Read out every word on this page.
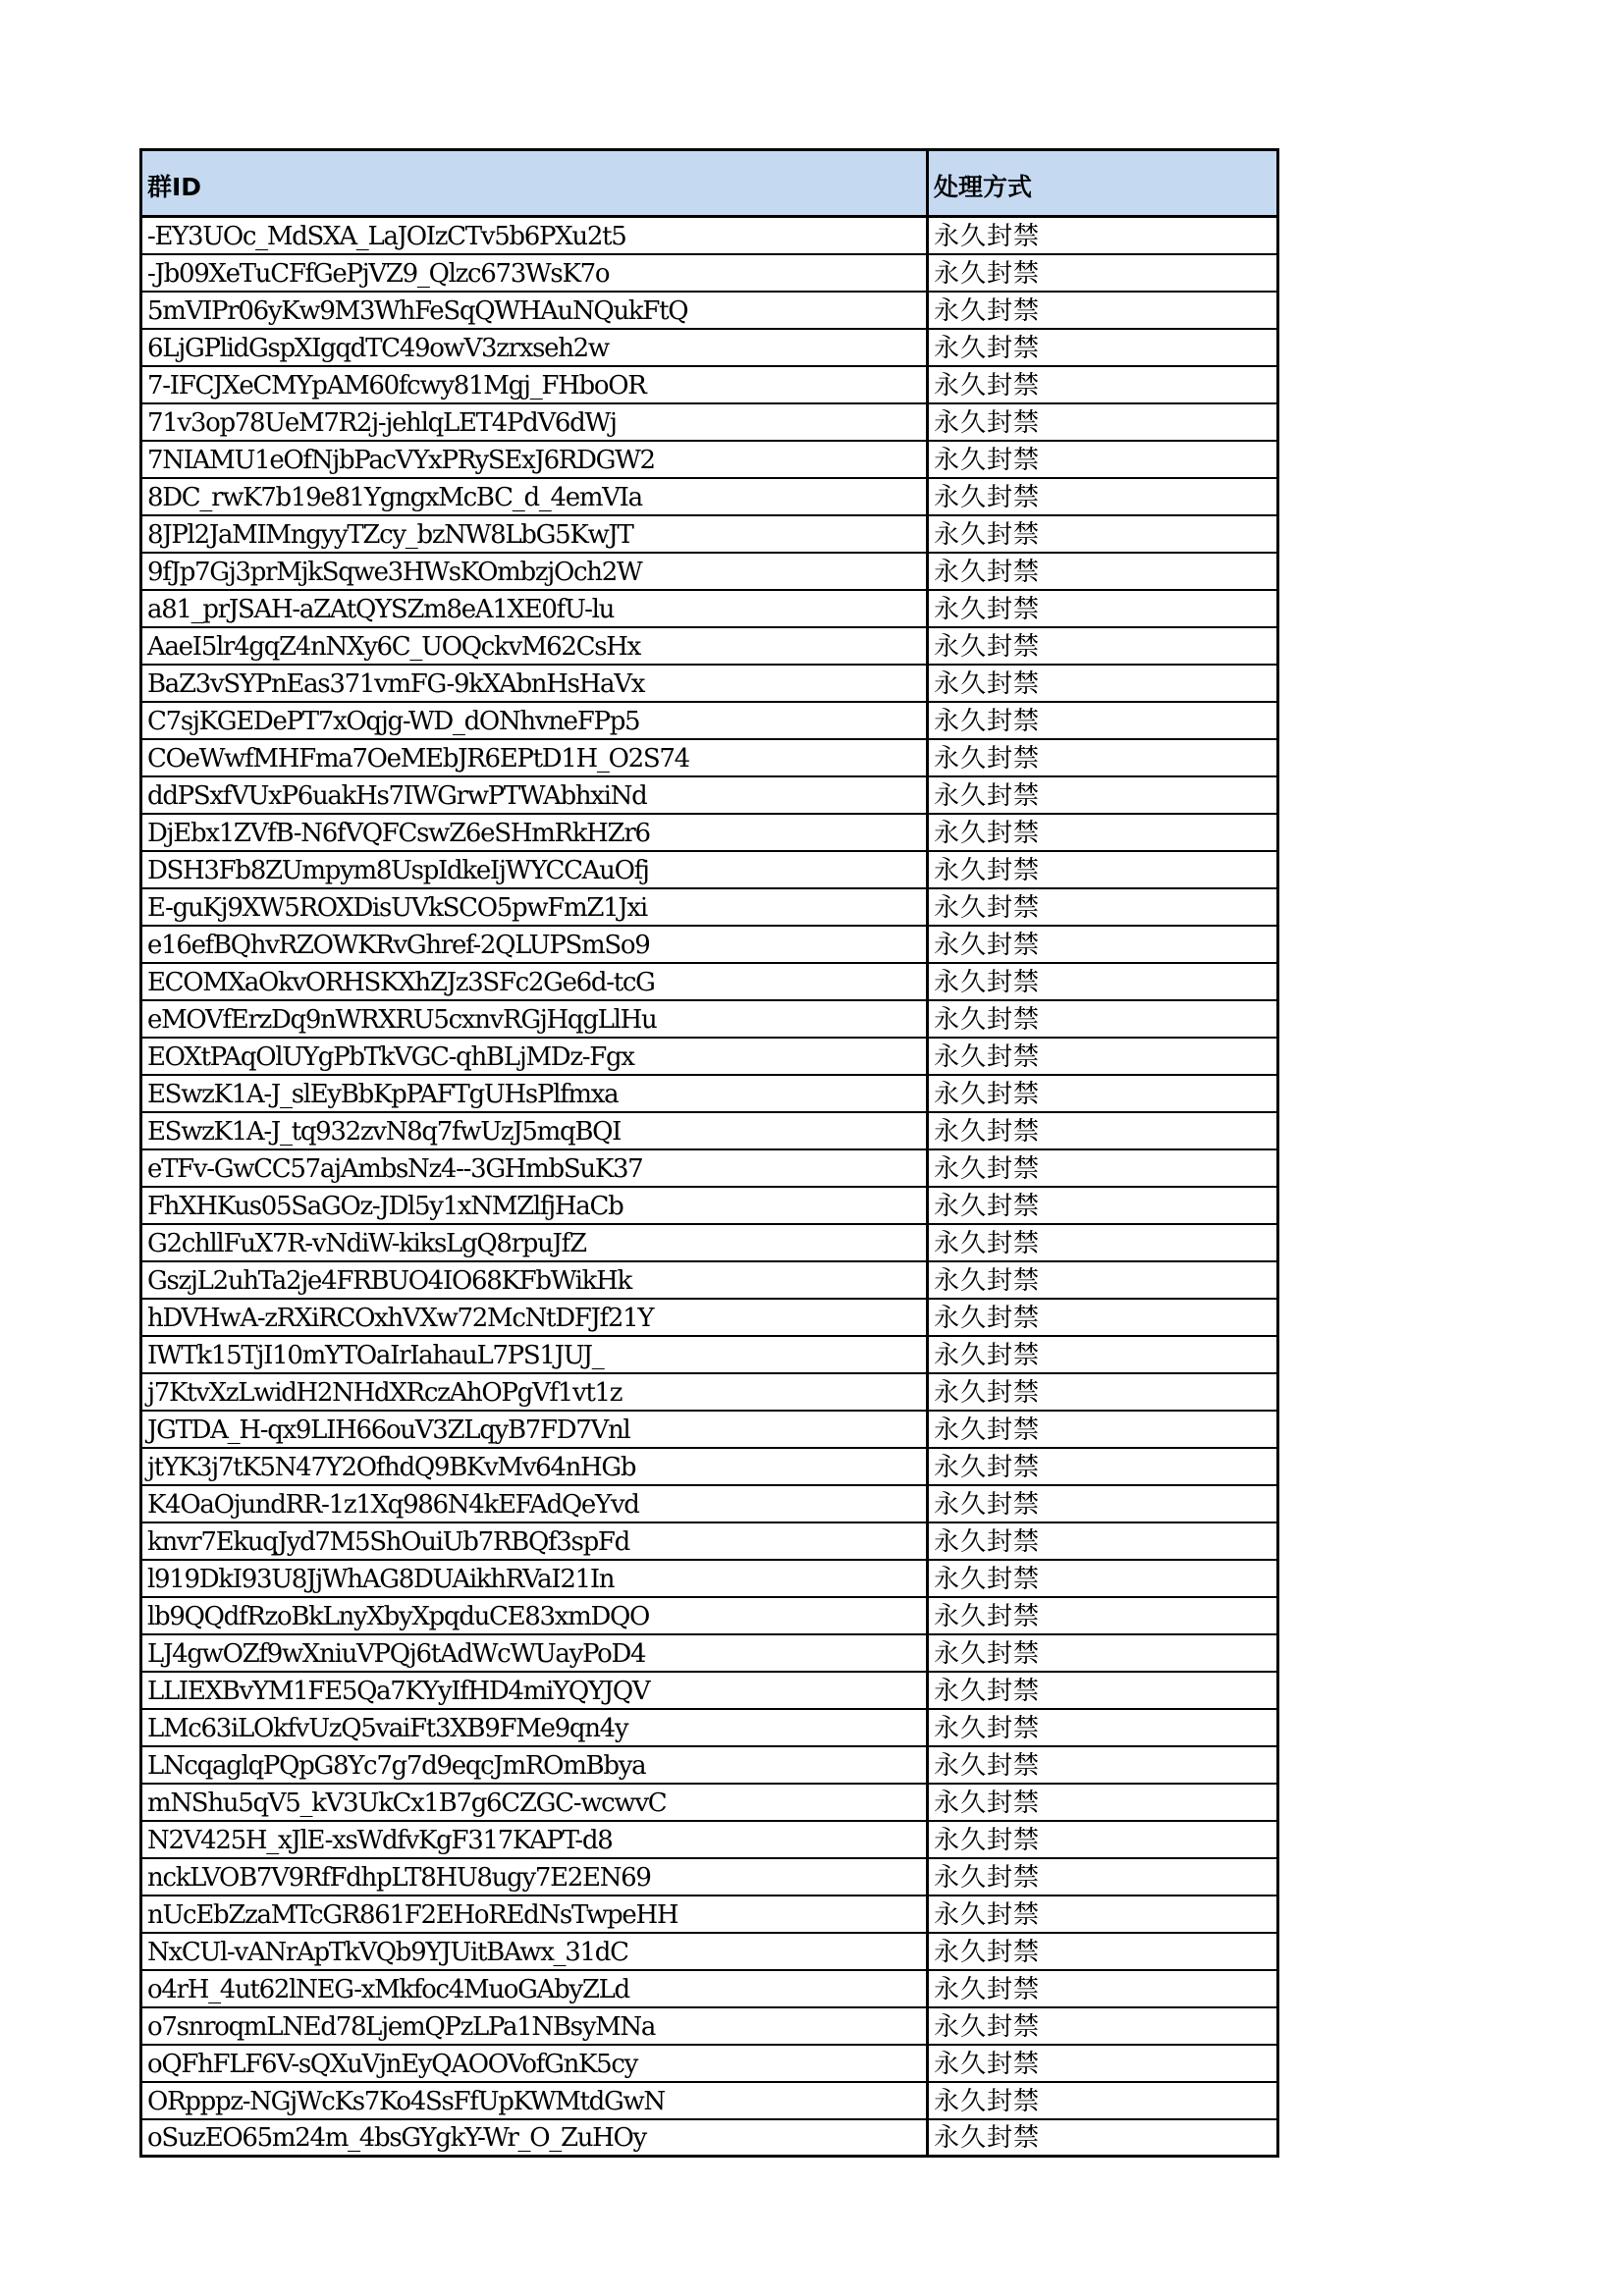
群ID	处理方式
-EY3UOc_MdSXA_LaJOIzCTv5b6PXu2t5	永久封禁
-Jb09XeTuCFfGePjVZ9_Qlzc673WsK7o	永久封禁
5mVIPr06yKw9M3WhFeSqQWHAuNQukFtQ	永久封禁
6LjGPlidGspXIgqdTC49owV3zrxseh2w	永久封禁
7-IFCJXeCMYpAM60fcwy81Mgj_FHboOR	永久封禁
71v3op78UeM7R2j-jehlqLET4PdV6dWj	永久封禁
7NIAMU1eOfNjbPacVYxPRySExJ6RDGW2	永久封禁
8DC_rwK7b19e81YgngxMcBC_d_4emVIa	永久封禁
8JPl2JaMIMngyyTZcy_bzNW8LbG5KwJT	永久封禁
9fJp7Gj3prMjkSqwe3HWsKOmbzjOch2W	永久封禁
a81_prJSAH-aZAtQYSZm8eA1XE0fU-lu	永久封禁
AaeI5lr4gqZ4nNXy6C_UOQckvM62CsHx	永久封禁
BaZ3vSYPnEas371vmFG-9kXAbnHsHaVx	永久封禁
C7sjKGEDePT7xOqjg-WD_dONhvneFPp5	永久封禁
COeWwfMHFma7OeMEbJR6EPtD1H_O2S74	永久封禁
ddPSxfVUxP6uakHs7IWGrwPTWAbhxiNd	永久封禁
DjEbx1ZVfB-N6fVQFCswZ6eSHmRkHZr6	永久封禁
DSH3Fb8ZUmpym8UspIdkeIjWYCCAuOfj	永久封禁
E-guKj9XW5ROXDisUVkSCO5pwFmZ1Jxi	永久封禁
e16efBQhvRZOWKRvGhref-2QLUPSmSo9	永久封禁
ECOMXaOkvORHSKXhZJz3SFc2Ge6d-tcG	永久封禁
eMOVfErzDq9nWRXRU5cxnvRGjHqgLlHu	永久封禁
EOXtPAqOlUYgPbTkVGC-qhBLjMDz-Fgx	永久封禁
ESwzK1A-J_slEyBbKpPAFTgUHsPlfmxa	永久封禁
ESwzK1A-J_tq932zvN8q7fwUzJ5mqBQI	永久封禁
eTFv-GwCC57ajAmbsNz4--3GHmbSuK37	永久封禁
FhXHKus05SaGOz-JDl5y1xNMZlfjHaCb	永久封禁
G2chllFuX7R-vNdiW-kiksLgQ8rpuJfZ	永久封禁
GszjL2uhTa2je4FRBUO4IO68KFbWikHk	永久封禁
hDVHwA-zRXiRCOxhVXw72McNtDFJf21Y	永久封禁
IWTk15TjI10mYTOaIrIahauL7PS1JUJ_	永久封禁
j7KtvXzLwidH2NHdXRczAhOPgVf1vt1z	永久封禁
JGTDA_H-qx9LIH66ouV3ZLqyB7FD7Vnl	永久封禁
jtYK3j7tK5N47Y2OfhdQ9BKvMv64nHGb	永久封禁
K4OaOjundRR-1z1Xq986N4kEFAdQeYvd	永久封禁
knvr7EkuqJyd7M5ShOuiUb7RBQf3spFd	永久封禁
l919DkI93U8JjWhAG8DUAikhRVaI21In	永久封禁
lb9QQdfRzoBkLnyXbyXpqduCE83xmDQO	永久封禁
LJ4gwOZf9wXniuVPQj6tAdWcWUayPoD4	永久封禁
LLIEXBvYM1FE5Qa7KYyIfHD4miYQYJQV	永久封禁
LMc63iLOkfvUzQ5vaiFt3XB9FMe9qn4y	永久封禁
LNcqaglqPQpG8Yc7g7d9eqcJmROmBbya	永久封禁
mNShu5qV5_kV3UkCx1B7g6CZGC-wcwvC	永久封禁
N2V425H_xJlE-xsWdfvKgF317KAPT-d8	永久封禁
nckLVOB7V9RfFdhpLT8HU8ugy7E2EN69	永久封禁
nUcEbZzaMTcGR861F2EHoREdNsTwpeHH	永久封禁
NxCUl-vANrApTkVQb9YJUitBAwx_31dC	永久封禁
o4rH_4ut62lNEG-xMkfoc4MuoGAbyZLd	永久封禁
o7snroqmLNEd78LjemQPzLPa1NBsyMNa	永久封禁
oQFhFLF6V-sQXuVjnEyQAOOVofGnK5cy	永久封禁
ORpppz-NGjWcKs7Ko4SsFfUpKWMtdGwN	永久封禁
oSuzEO65m24m_4bsGYgkY-Wr_O_ZuHOy	永久封禁
